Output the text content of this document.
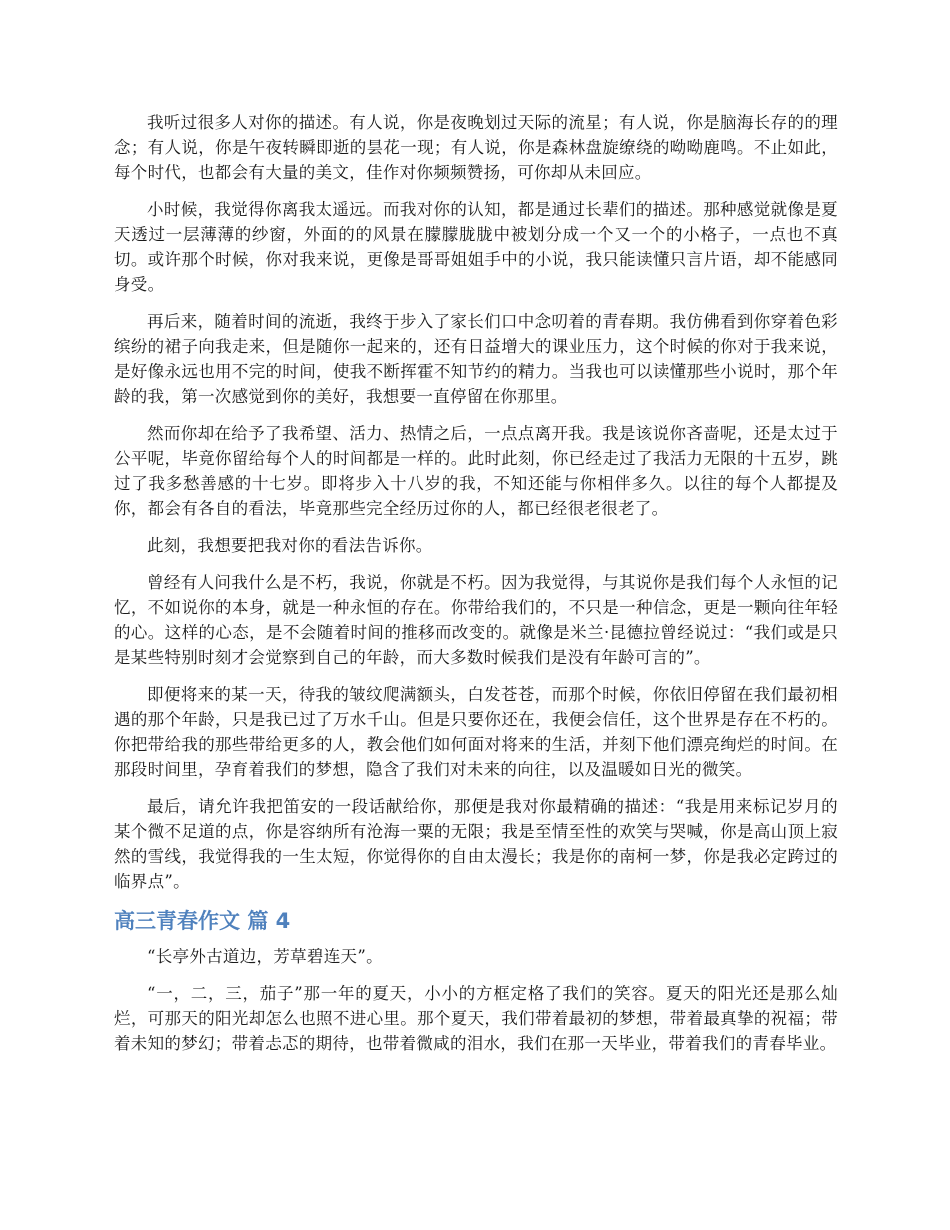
我听过很多人对你的描述。有人说，你是夜晚划过天际的流星；有人说，你是脑海长存的的理念；有人说，你是午夜转瞬即逝的昙花一现；有人说，你是森林盘旋缭绕的呦呦鹿鸣。不止如此，每个时代，也都会有大量的美文，佳作对你频频赞扬，可你却从未回应。

小时候，我觉得你离我太遥远。而我对你的认知，都是通过长辈们的描述。那种感觉就像是夏天透过一层薄薄的纱窗，外面的的风景在朦朦胧胧中被划分成一个又一个的小格子，一点也不真切。或许那个时候，你对我来说，更像是哥哥姐姐手中的小说，我只能读懂只言片语，却不能感同身受。

再后来，随着时间的流逝，我终于步入了家长们口中念叨着的青春期。我仿佛看到你穿着色彩缤纷的裙子向我走来，但是随你一起来的，还有日益增大的课业压力，这个时候的你对于我来说，是好像永远也用不完的时间，使我不断挥霍不知节约的精力。当我也可以读懂那些小说时，那个年龄的我，第一次感觉到你的美好，我想要一直停留在你那里。

然而你却在给予了我希望、活力、热情之后，一点点离开我。我是该说你吝啬呢，还是太过于公平呢，毕竟你留给每个人的时间都是一样的。此时此刻，你已经走过了我活力无限的十五岁，跳过了我多愁善感的十七岁。即将步入十八岁的我，不知还能与你相伴多久。以往的每个人都提及你，都会有各自的看法，毕竟那些完全经历过你的人，都已经很老很老了。

此刻，我想要把我对你的看法告诉你。

曾经有人问我什么是不朽，我说，你就是不朽。因为我觉得，与其说你是我们每个人永恒的记忆，不如说你的本身，就是一种永恒的存在。你带给我们的，不只是一种信念，更是一颗向往年轻的心。这样的心态，是不会随着时间的推移而改变的。就像是米兰·昆德拉曾经说过：“我们或是只是某些特别时刻才会觉察到自己的年龄，而大多数时候我们是没有年龄可言的”。

即便将来的某一天，待我的皱纹爬满额头，白发苍苍，而那个时候，你依旧停留在我们最初相遇的那个年龄，只是我已过了万水千山。但是只要你还在，我便会信任，这个世界是存在不朽的。你把带给我的那些带给更多的人，教会他们如何面对将来的生活，并刻下他们漂亮绚烂的时间。在那段时间里，孕育着我们的梦想，隐含了我们对未来的向往，以及温暖如日光的微笑。

最后，请允许我把笛安的一段话献给你，那便是我对你最精确的描述：“我是用来标记岁月的某个微不足道的点，你是容纳所有沧海一粟的无限；我是至情至性的欢笑与哭喊，你是高山顶上寂然的雪线，我觉得我的一生太短，你觉得你的自由太漫长；我是你的南柯一梦，你是我必定跨过的临界点”。

高三青春作文 篇 4

“长亭外古道边，芳草碧连天”。

“一，二，三，茄子”那一年的夏天，小小的方框定格了我们的笑容。夏天的阳光还是那么灿烂，可那天的阳光却怎么也照不进心里。那个夏天，我们带着最初的梦想，带着最真挚的祝福；带着未知的梦幻；带着忐忑的期待，也带着微咸的泪水，我们在那一天毕业，带着我们的青春毕业。
